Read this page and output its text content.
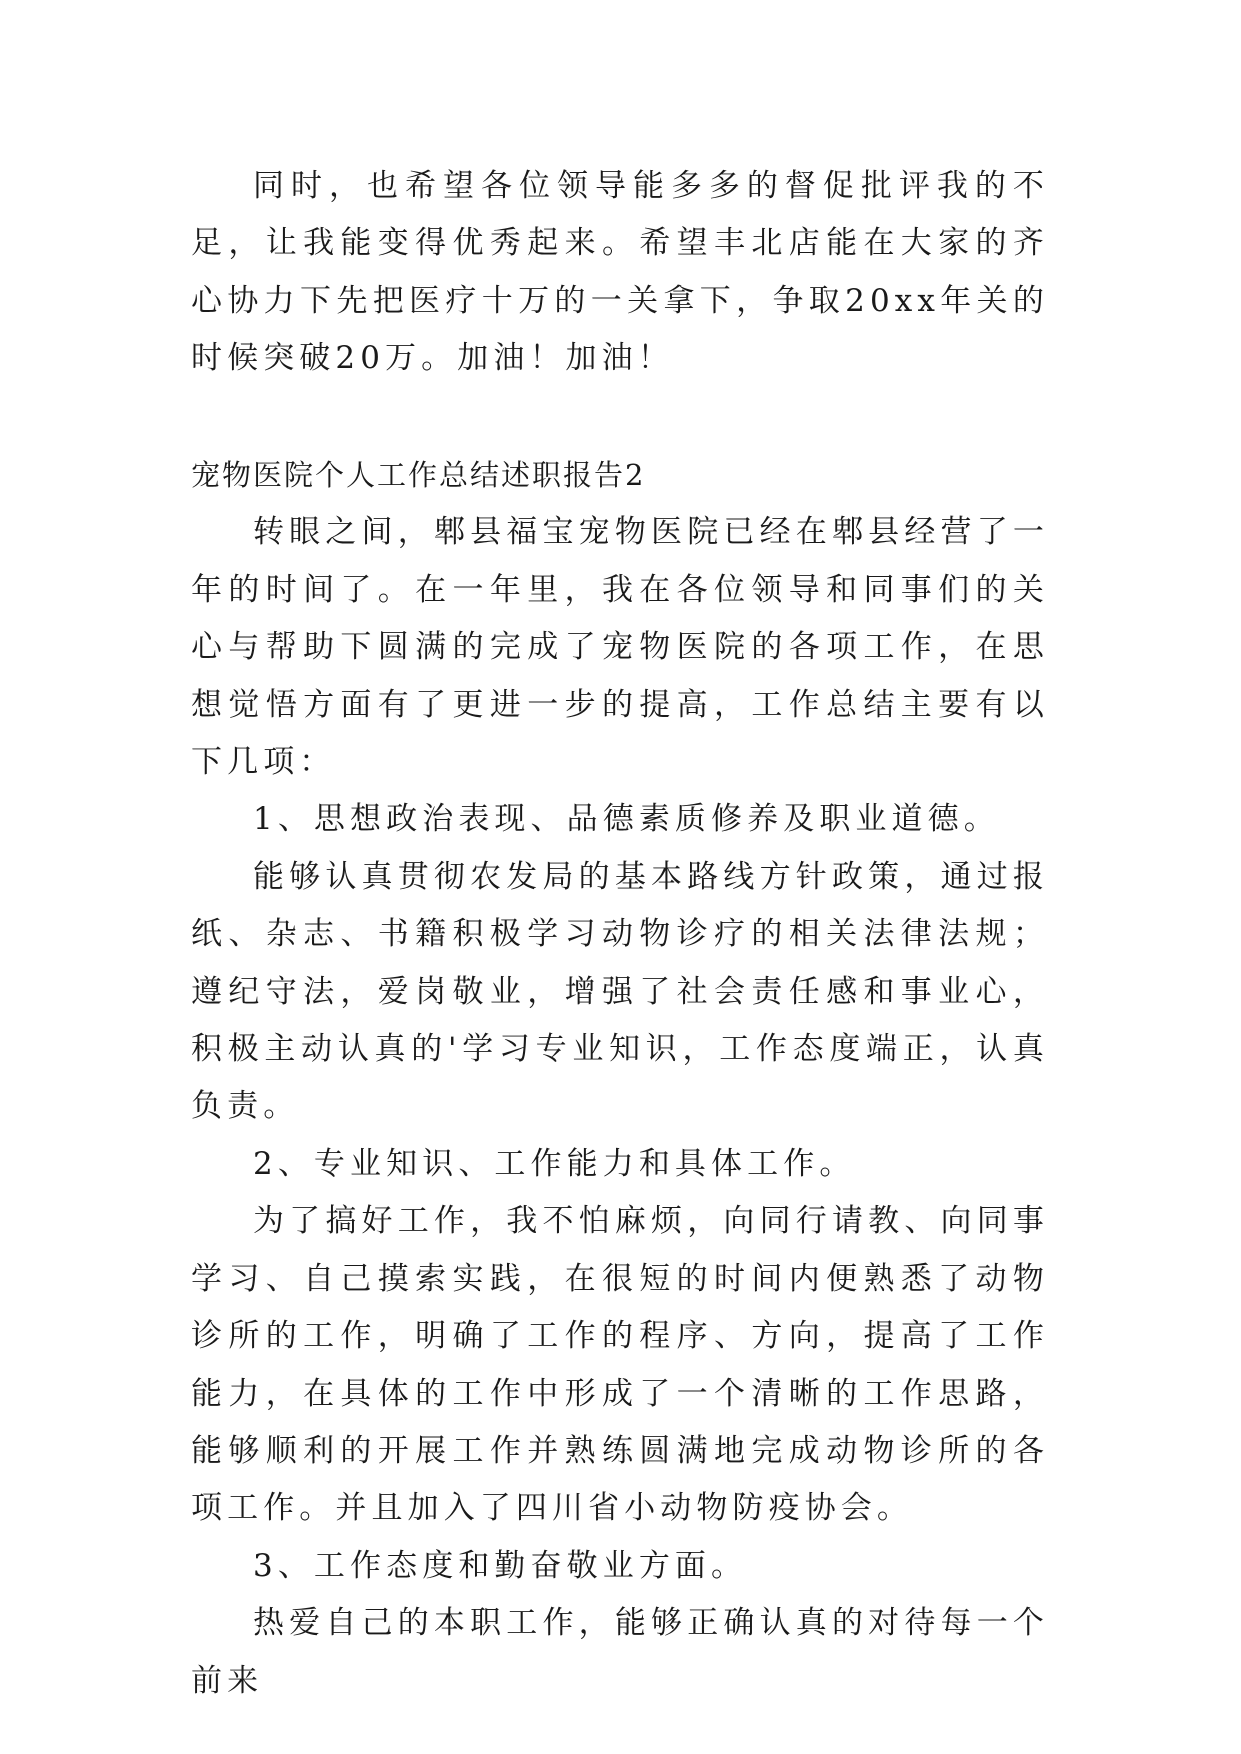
同时，也希望各位领导能多多的督促批评我的不足，让我能变得优秀起来。希望丰北店能在大家的齐心协力下先把医疗十万的一关拿下，争取20xx年关的时候突破20万。加油！加油！

宠物医院个人工作总结述职报告2

转眼之间，郫县福宝宠物医院已经在郫县经营了一年的时间了。在一年里，我在各位领导和同事们的关心与帮助下圆满的完成了宠物医院的各项工作，在思想觉悟方面有了更进一步的提高，工作总结主要有以下几项：

1、思想政治表现、品德素质修养及职业道德。

能够认真贯彻农发局的基本路线方针政策，通过报纸、杂志、书籍积极学习动物诊疗的相关法律法规；遵纪守法，爱岗敬业，增强了社会责任感和事业心，积极主动认真的'学习专业知识，工作态度端正，认真负责。

2、专业知识、工作能力和具体工作。

为了搞好工作，我不怕麻烦，向同行请教、向同事学习、自己摸索实践，在很短的时间内便熟悉了动物诊所的工作，明确了工作的程序、方向，提高了工作能力，在具体的工作中形成了一个清晰的工作思路，能够顺利的开展工作并熟练圆满地完成动物诊所的各项工作。并且加入了四川省小动物防疫协会。

3、工作态度和勤奋敬业方面。

热爱自己的本职工作，能够正确认真的对待每一个前来
